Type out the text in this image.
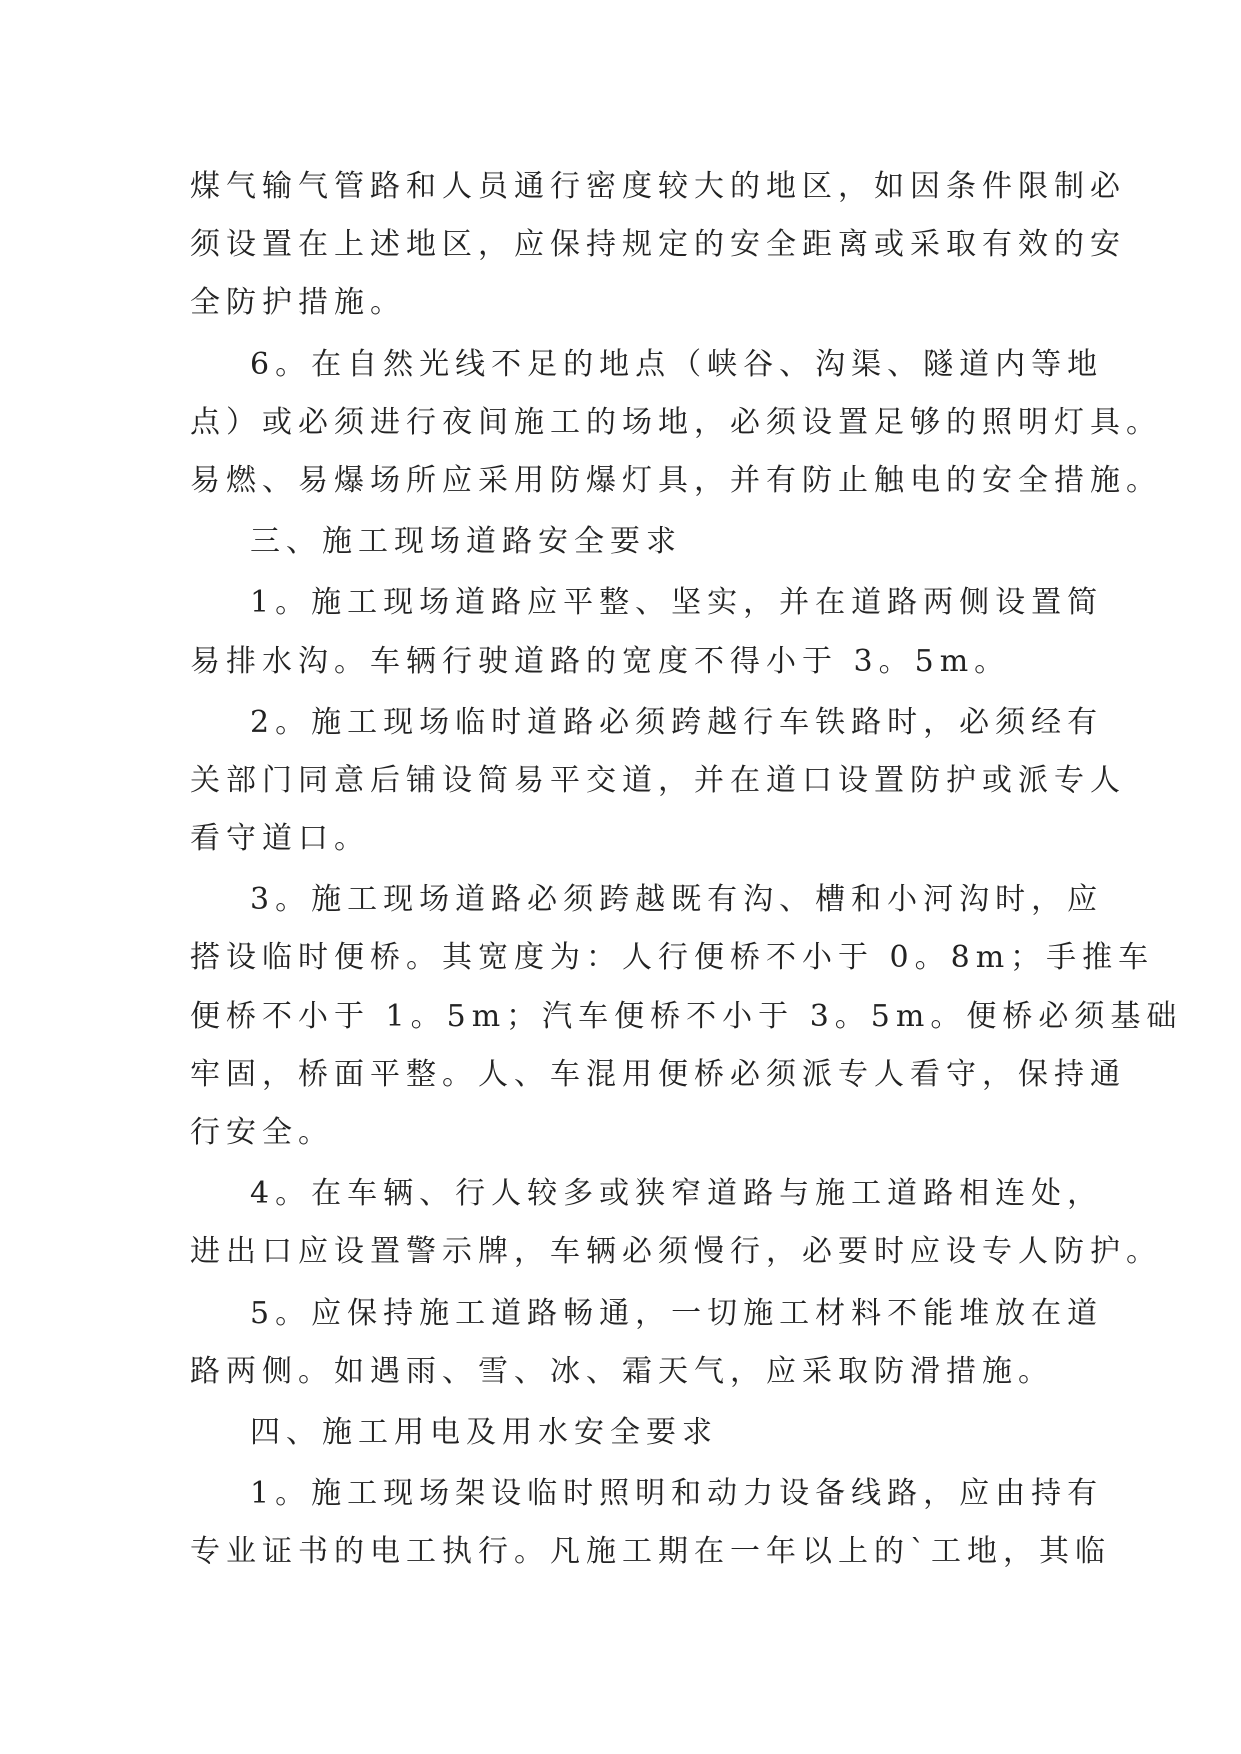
煤气输气管路和人员通行密度较大的地区，如因条件限制必
须设置在上述地区，应保持规定的安全距离或采取有效的安
全防护措施。
6。在自然光线不足的地点（峡谷、沟渠、隧道内等地
点）或必须进行夜间施工的场地，必须设置足够的照明灯具。
易燃、易爆场所应采用防爆灯具，并有防止触电的安全措施。
三、施工现场道路安全要求
1。施工现场道路应平整、坚实，并在道路两侧设置简
易排水沟。车辆行驶道路的宽度不得小于 3。5m。
2。施工现场临时道路必须跨越行车铁路时，必须经有
关部门同意后铺设简易平交道，并在道口设置防护或派专人
看守道口。
3。施工现场道路必须跨越既有沟、槽和小河沟时，应
搭设临时便桥。其宽度为：人行便桥不小于 0。8m；手推车
便桥不小于 1。5m；汽车便桥不小于 3。5m。便桥必须基础
牢固，桥面平整。人、车混用便桥必须派专人看守，保持通
行安全。
4。在车辆、行人较多或狭窄道路与施工道路相连处，
进出口应设置警示牌，车辆必须慢行，必要时应设专人防护。
5。应保持施工道路畅通，一切施工材料不能堆放在道
路两侧。如遇雨、雪、冰、霜天气，应采取防滑措施。
四、施工用电及用水安全要求
1。施工现场架设临时照明和动力设备线路，应由持有
专业证书的电工执行。凡施工期在一年以上的`工地，其临
